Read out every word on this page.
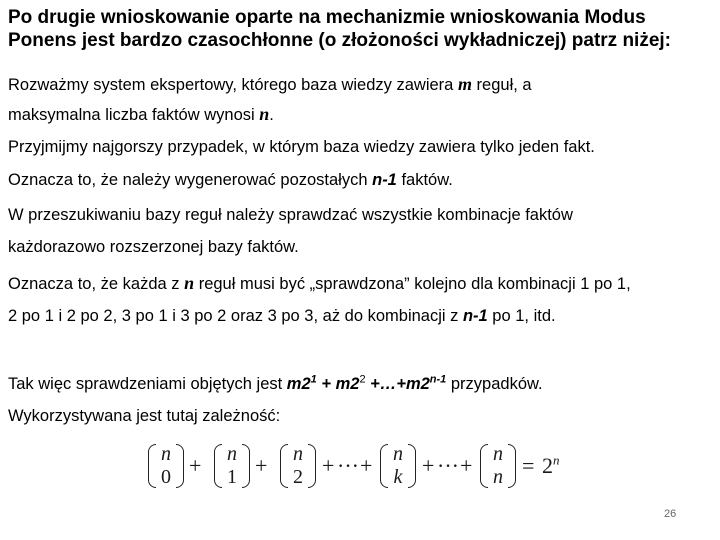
Po drugie wnioskowanie oparte na mechanizmie wnioskowania Modus Ponens jest bardzo czasochłonne (o złożoności wykładniczej) patrz niżej:

Rozważmy system ekspertowy, którego baza wiedzy zawiera m reguł, a

maksymalna liczba faktów wynosi n.

Przyjmijmy najgorszy przypadek, w którym baza wiedzy zawiera tylko jeden fakt.

Oznacza to, że należy wygenerować pozostałych n-1 faktów.

W przeszukiwaniu bazy reguł należy sprawdzać wszystkie kombinacje faktów

każdorazowo rozszerzonej bazy faktów.

Oznacza to, że każda z n reguł musi być „sprawdzona” kolejno dla kombinacji 1 po 1,

2 po 1 i 2 po 2, 3 po 1 i 3 po 2 oraz 3 po 3, aż do kombinacji z n-1 po 1, itd.

Tak więc sprawdzeniami objętych jest $m2^1 + m2^2$ $+\dots+m2^{n-1}$ przypadków.

Wykorzystywana jest tutaj zależność:

n
0 +	n
1 +	n
2 + ··· +	n
k + ··· +	n
$n = 2^n$
26
